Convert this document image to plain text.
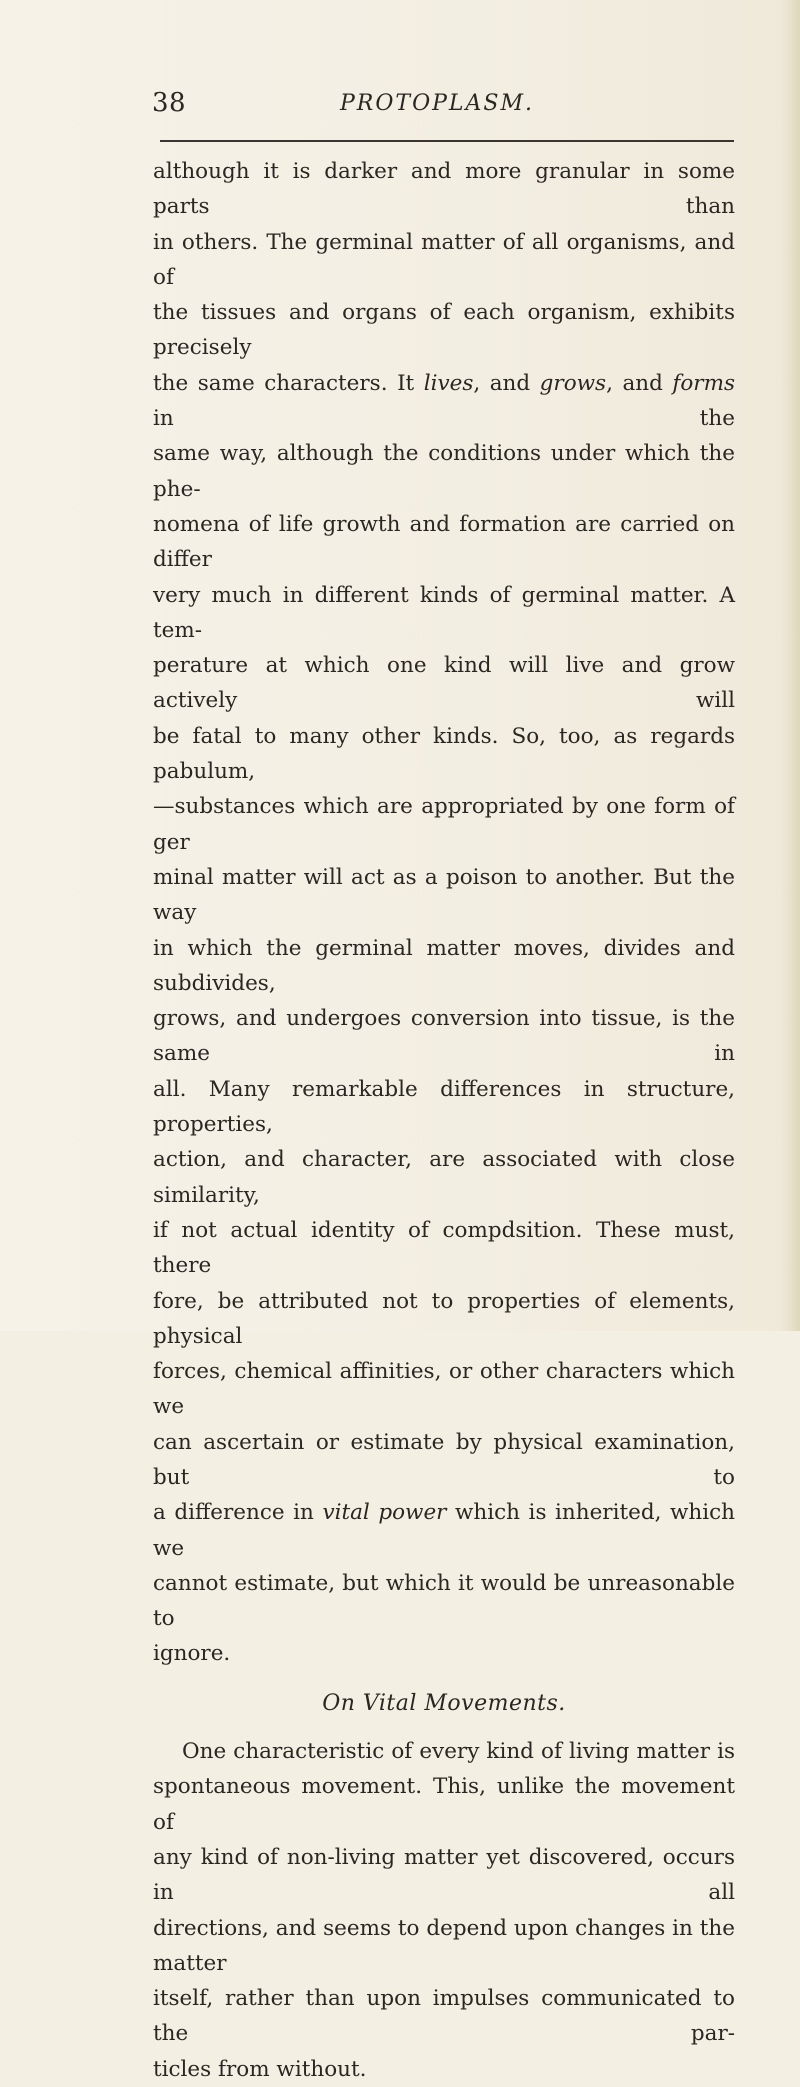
38	PROTOPLASM.

although it is darker and more granular in some parts than
in others. The germinal matter of all organisms, and of
the tissues and organs of each organism, exhibits precisely
the same characters. It lives, and grows, and forms in the
same way, although the conditions under which the phe-
nomena of life growth and formation are carried on differ
very much in different kinds of germinal matter. A tem-
perature at which one kind will live and grow actively will
be fatal to many other kinds. So, too, as regards pabulum,
—substances which are appropriated by one form of ger
minal matter will act as a poison to another. But the way
in which the germinal matter moves, divides and subdivides,
grows, and undergoes conversion into tissue, is the same in
all. Many remarkable differences in structure, properties,
action, and character, are associated with close similarity,
if not actual identity of compdsition. These must, there
fore, be attributed not to properties of elements, physical
forces, chemical affinities, or other characters which we
can ascertain or estimate by physical examination, but to
a difference in vital power which is inherited, which we
cannot estimate, but which it would be unreasonable to
ignore.

On Vital Movements.

One characteristic of every kind of living matter is
spontaneous movement. This, unlike the movement of
any kind of non-living matter yet discovered, occurs in all
directions, and seems to depend upon changes in the matter
itself, rather than upon impulses communicated to the par-
ticles from without.
